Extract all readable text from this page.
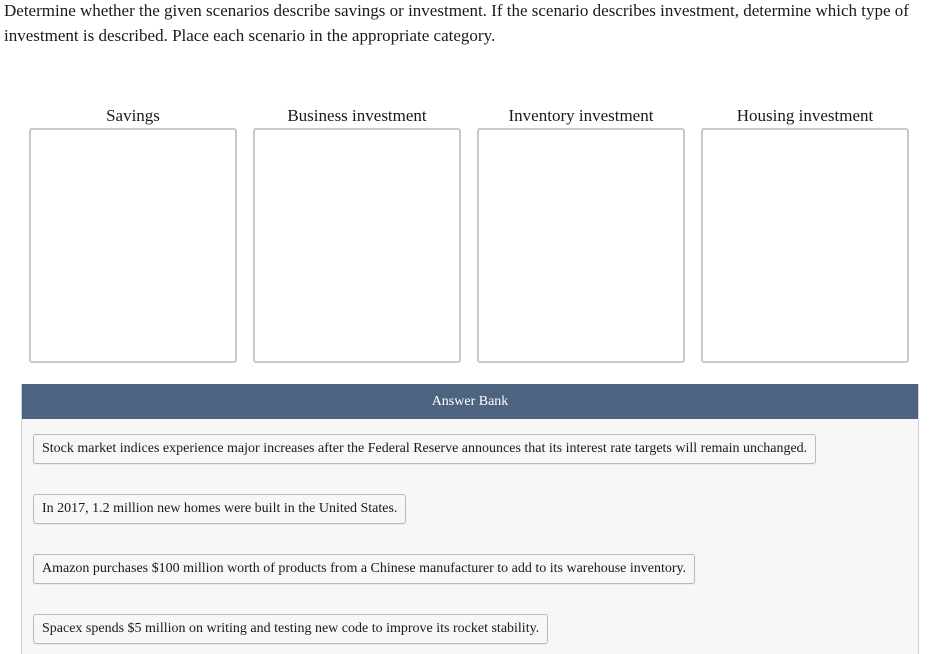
Determine whether the given scenarios describe savings or investment. If the scenario describes investment, determine which type of investment is described. Place each scenario in the appropriate category.

Savings	Business investment	Inventory investment	Housing investment
Answer Bank
Stock market indices experience major increases after the Federal Reserve announces that its interest rate targets will remain unchanged.
In 2017, 1.2 million new homes were built in the United States.
Amazon purchases $100 million worth of products from a Chinese manufacturer to add to its warehouse inventory.
Spacex spends $5 million on writing and testing new code to improve its rocket stability.
